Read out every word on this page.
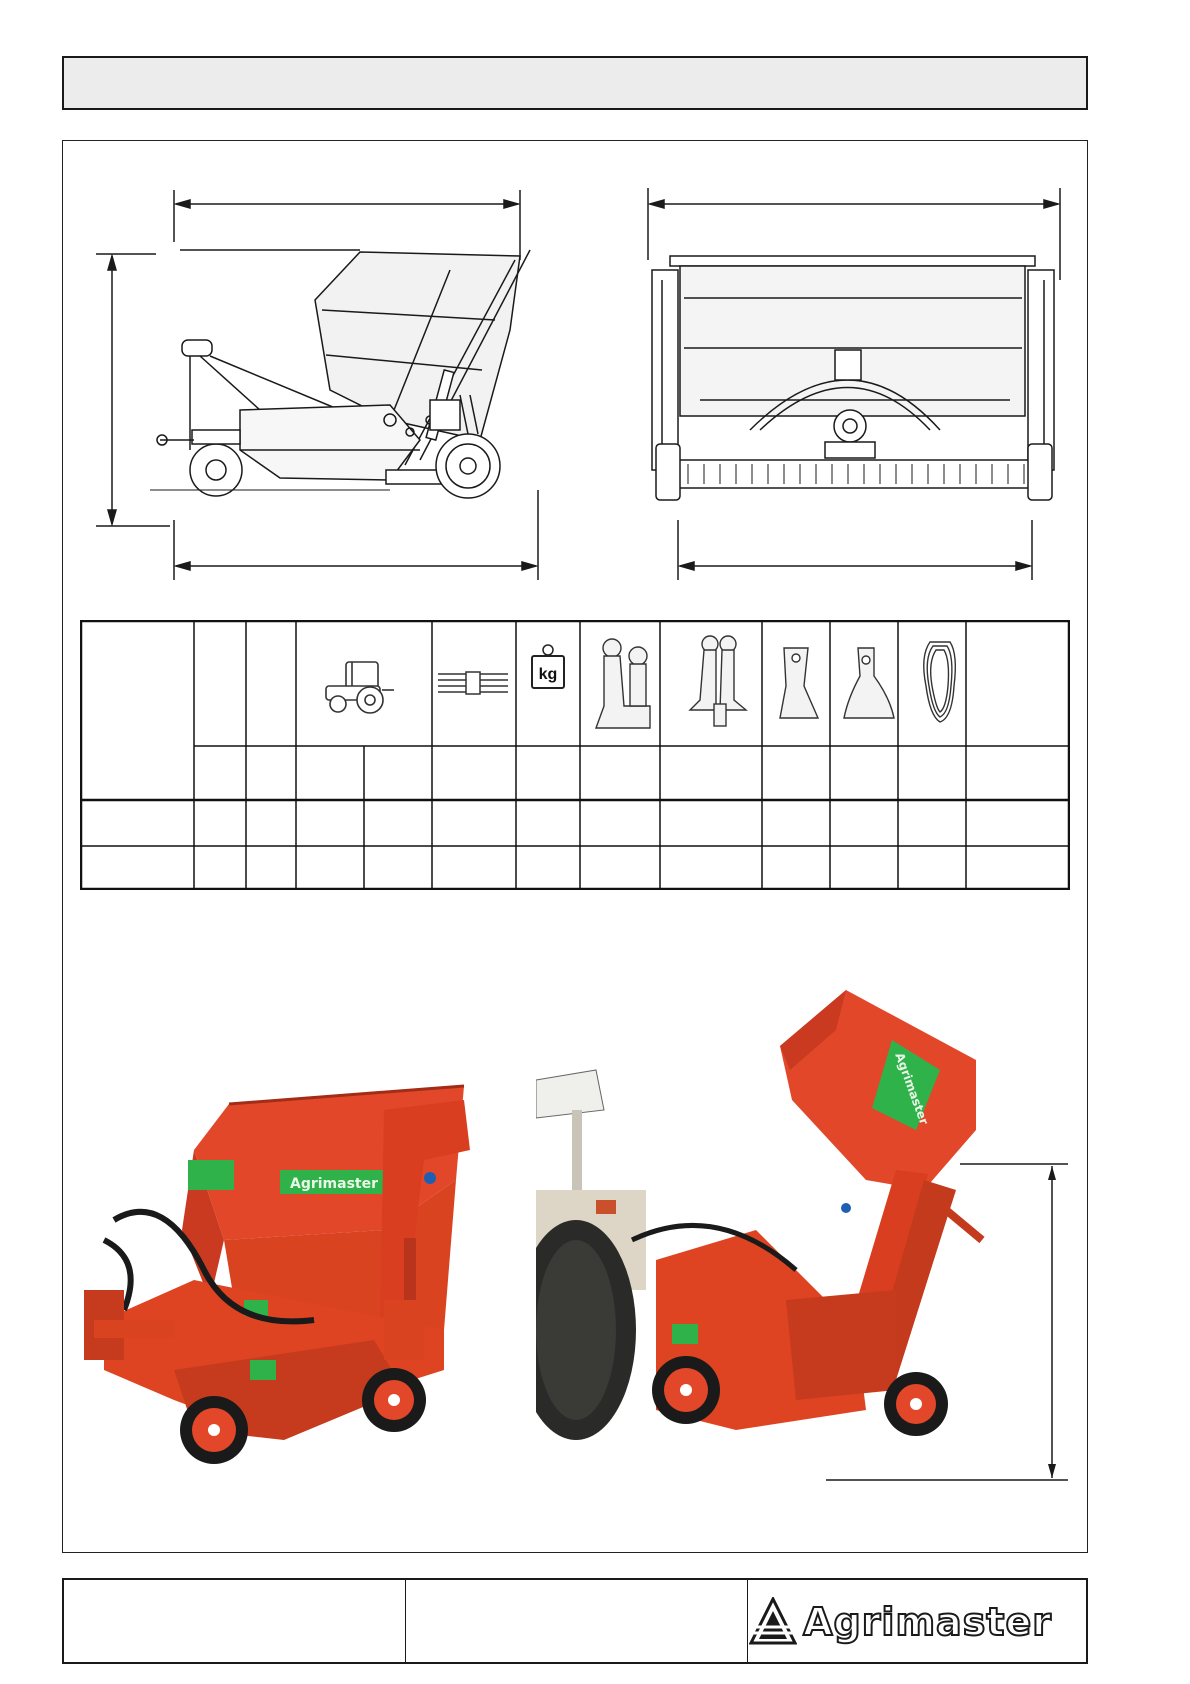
kg
Agrimaster
Agrimaster
Agrimaster
